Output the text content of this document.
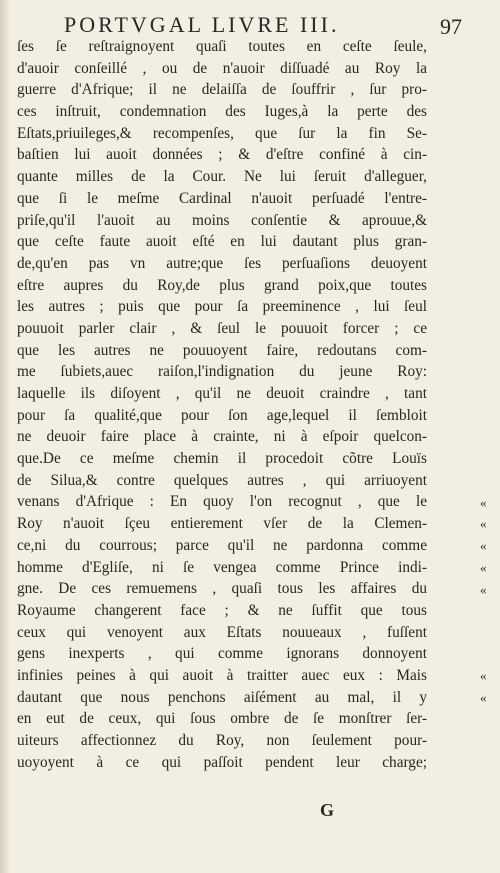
PORTVGAL LIVRE III.	97
ſes ſe reſtraignoyent quaſi toutes en ceſte ſeule,
d'auoir conſeillé , ou de n'auoir diſſuadé au Roy la
guerre d'Afrique; il ne delaiſſa de ſouffrir , ſur pro-
ces inſtruit, condemnation des Iuges,à la perte des
Eſtats,priuileges,& recompenſes, que ſur la fin Se-
baſtien lui auoit données ; & d'eſtre confiné à cin-
quante milles de la Cour. Ne lui ſeruit d'alleguer,
que ſi le meſme Cardinal n'auoit perſuadé l'entre-
priſe,qu'il l'auoit au moins conſentie & aprouue,&
que ceſte faute auoit eſté en lui dautant plus gran-
de,qu'en pas vn autre;que ſes perſuaſions deuoyent
eſtre aupres du Roy,de plus grand poix,que toutes
les autres ; puis que pour ſa preeminence , lui ſeul
pouuoit parler clair , & ſeul le pouuoit forcer ; ce
que les autres ne pouuoyent faire, redoutans com-
me ſubiets,auec raiſon,l'indignation du jeune Roy:
laquelle ils diſoyent , qu'il ne deuoit craindre , tant
pour ſa qualité,que pour ſon age,lequel il ſembloit
ne deuoir faire place à crainte, ni à eſpoir quelcon-
que.De ce meſme chemin il procedoit cõtre Louïs
de Silua,& contre quelques autres , qui arriuoyent
venans d'Afrique : En quoy l'on recognut , que le
Roy n'auoit ſçeu entierement vſer de la Clemen-
ce,ni du courrous; parce qu'il ne pardonna comme
homme d'Egliſe, ni ſe vengea comme Prince indi-
gne. De ces remuemens , quaſi tous les affaires du
Royaume changerent face ; & ne ſuffit que tous
ceux qui venoyent aux Eſtats nouueaux , fuſſent
gens inexperts , qui comme ignorans donnoyent
infinies peines à qui auoit à traitter auec eux : Mais
dautant que nous penchons aiſément au mal, il y
en eut de ceux, qui ſous ombre de ſe monſtrer ſer-
uiteurs affectionnez du Roy, non ſeulement pour-
uoyoyent à ce qui paſſoit pendent leur charge;
«
«
«
«
«
«
«
G
